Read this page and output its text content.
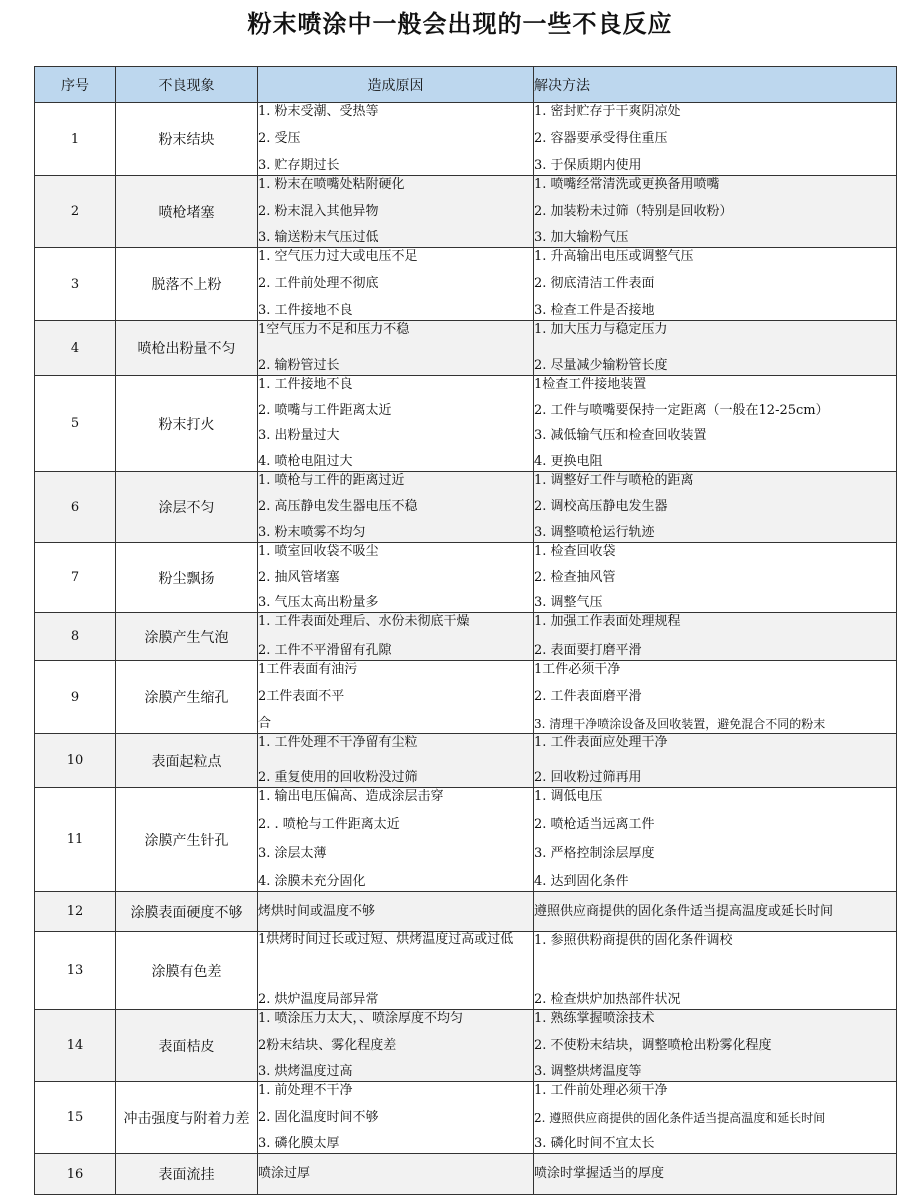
粉末喷涂中一般会出现的一些不良反应
序号	不良现象	造成原因	解决方法
1	粉末结块	1. 粉末受潮、受热等
2. 受压
3. 贮存期过长	1. 密封贮存于干爽阴凉处
2. 容器要承受得住重压
3. 于保质期内使用

2	喷枪堵塞	1. 粉末在喷嘴处粘附硬化
2. 粉末混入其他异物
3. 输送粉末气压过低	1. 喷嘴经常清洗或更换备用喷嘴
2. 加装粉未过筛（特别是回收粉）
3. 加大输粉气压

3	脱落不上粉	1. 空气压力过大或电压不足
2. 工件前处理不彻底
3. 工件接地不良	1. 升高输出电压或调整气压
2. 彻底清洁工件表面
3. 检查工件是否接地

4	喷枪出粉量不匀	1空气压力不足和压力不稳
2. 输粉管过长	1. 加大压力与稳定压力
2. 尽量减少输粉管长度

5	粉末打火	1. 工件接地不良
2. 喷嘴与工件距离太近
3. 出粉量过大
4. 喷枪电阻过大	1检查工件接地装置
2. 工件与喷嘴要保持一定距离（一般在12-25cm）
3. 减低输气压和检查回收装置
4. 更换电阻

6	涂层不匀	1. 喷枪与工件的距离过近
2. 高压静电发生器电压不稳
3. 粉末喷雾不均匀	1. 调整好工件与喷枪的距离
2. 调校高压静电发生器
3. 调整喷枪运行轨迹

7	粉尘飘扬	1. 喷室回收袋不吸尘
2. 抽风管堵塞
3. 气压太高出粉量多	1. 检查回收袋
2. 检查抽风管
3. 调整气压

8	涂膜产生气泡	1. 工件表面处理后、水份未彻底干燥
2. 工件不平滑留有孔隙	1. 加强工作表面处理规程
2. 表面要打磨平滑

9	涂膜产生缩孔	1工件表面有油污
2工件表面不平
合	1工件必须干净
2. 工件表面磨平滑
3. 清理干净喷涂设备及回收装置，避免混合不同的粉末

10	表面起粒点	1. 工件处理不干净留有尘粒
2. 重复使用的回收粉没过筛	1. 工件表面应处理干净
2. 回收粉过筛再用

11	涂膜产生针孔	1. 输出电压偏高、造成涂层击穿
2. . 喷枪与工件距离太近
3. 涂层太薄
4. 涂膜未充分固化	1. 调低电压
2. 喷枪适当远离工件
3. 严格控制涂层厚度
4. 达到固化条件

12	涂膜表面硬度不够	烤烘时间或温度不够	遵照供应商提供的固化条件适当提高温度或延长时间

13	涂膜有色差	1烘烤时间过长或过短、烘烤温度过高或过低
2. 烘炉温度局部异常	1. 参照供粉商提供的固化条件调校
2. 检查烘炉加热部件状况

14	表面桔皮	1. 喷涂压力太大，、喷涂厚度不均匀
2粉末结块、雾化程度差
3. 烘烤温度过高	1. 熟练掌握喷涂技术
2. 不使粉末结块，调整喷枪出粉雾化程度
3. 调整烘烤温度等

15	冲击强度与附着力差	1. 前处理不干净
2. 固化温度时间不够
3. 磷化膜太厚	1. 工件前处理必须干净
2. 遵照供应商提供的固化条件适当提高温度和延长时间
3. 磷化时间不宜太长

16	表面流挂	喷涂过厚	喷涂时掌握适当的厚度
